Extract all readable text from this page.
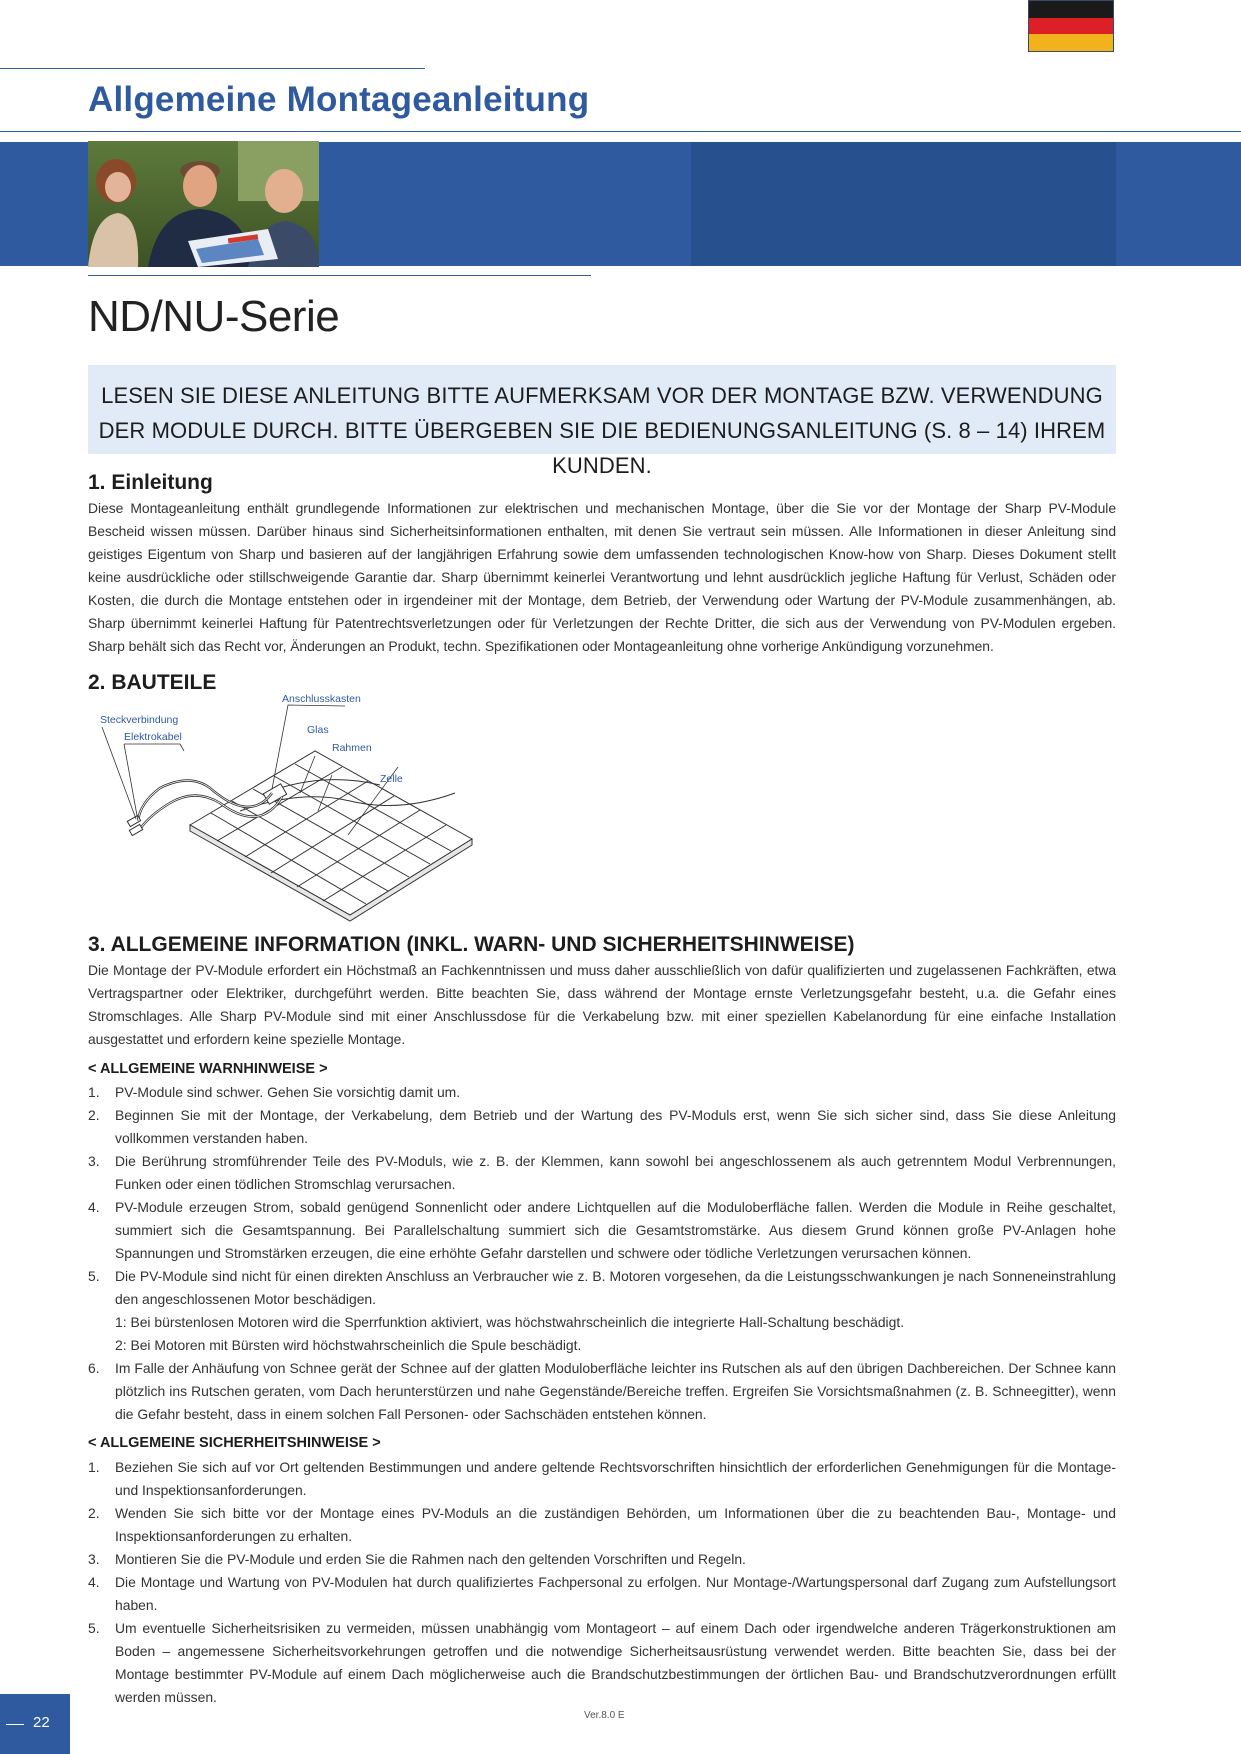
Allgemeine Montageanleitung
ND/NU-Serie
LESEN SIE DIESE ANLEITUNG BITTE AUFMERKSAM VOR DER MONTAGE BZW. VERWENDUNG
DER MODULE DURCH. BITTE ÜBERGEBEN SIE DIE BEDIENUNGSANLEITUNG (S. 8 – 14) IHREM KUNDEN.
1. Einleitung
Diese Montageanleitung enthält grundlegende Informationen zur elektrischen und mechanischen Montage, über die Sie vor der Montage der Sharp PV-Module Bescheid wissen müssen. Darüber hinaus sind Sicherheitsinformationen enthalten, mit denen Sie vertraut sein müssen. Alle Informationen in dieser Anleitung sind geistiges Eigentum von Sharp und basieren auf der langjährigen Erfahrung sowie dem umfassenden technologischen Know-how von Sharp. Dieses Dokument stellt keine ausdrückliche oder stillschweigende Garantie dar. Sharp übernimmt keinerlei Verantwortung und lehnt ausdrücklich jegliche Haftung für Verlust, Schäden oder Kosten, die durch die Montage entstehen oder in irgendeiner mit der Montage, dem Betrieb, der Verwendung oder Wartung der PV-Module zusammenhängen, ab. Sharp übernimmt keinerlei Haftung für Patentrechtsverletzungen oder für Verletzungen der Rechte Dritter, die sich aus der Verwendung von PV-Modulen ergeben. Sharp behält sich das Recht vor, Änderungen an Produkt, techn. Spezifikationen oder Montageanleitung ohne vorherige Ankündigung vorzunehmen.
2. BAUTEILE
Steckverbindung
Elektrokabel
Anschlusskasten
Glas
Rahmen
Zelle
3. ALLGEMEINE INFORMATION (INKL. WARN- UND SICHERHEITSHINWEISE)
Die Montage der PV-Module erfordert ein Höchstmaß an Fachkenntnissen und muss daher ausschließlich von dafür qualifizierten und zugelassenen Fachkräften, etwa Vertragspartner oder Elektriker, durchgeführt werden. Bitte beachten Sie, dass während der Montage ernste Verletzungsgefahr besteht, u.a. die Gefahr eines Stromschlages. Alle Sharp PV-Module sind mit einer Anschlussdose für die Verkabelung bzw. mit einer speziellen Kabelanordung für eine einfache Installation ausgestattet und erfordern keine spezielle Montage.
< ALLGEMEINE WARNHINWEISE >
1. PV-Module sind schwer. Gehen Sie vorsichtig damit um.
2. Beginnen Sie mit der Montage, der Verkabelung, dem Betrieb und der Wartung des PV-Moduls erst, wenn Sie sich sicher sind, dass Sie diese Anleitung vollkommen verstanden haben.
3. Die Berührung stromführender Teile des PV-Moduls, wie z. B. der Klemmen, kann sowohl bei angeschlossenem als auch getrenntem Modul Verbrennungen, Funken oder einen tödlichen Stromschlag verursachen.
4. PV-Module erzeugen Strom, sobald genügend Sonnenlicht oder andere Lichtquellen auf die Moduloberfläche fallen. Werden die Module in Reihe geschaltet, summiert sich die Gesamtspannung. Bei Parallelschaltung summiert sich die Gesamtstromstärke. Aus diesem Grund können große PV-Anlagen hohe Spannungen und Stromstärken erzeugen, die eine erhöhte Gefahr darstellen und schwere oder tödliche Verletzungen verursachen können.
5. Die PV-Module sind nicht für einen direkten Anschluss an Verbraucher wie z. B. Motoren vorgesehen, da die Leistungsschwankungen je nach Sonneneinstrahlung den angeschlossenen Motor beschädigen.
1: Bei bürstenlosen Motoren wird die Sperrfunktion aktiviert, was höchstwahrscheinlich die integrierte Hall-Schaltung beschädigt.
2: Bei Motoren mit Bürsten wird höchstwahrscheinlich die Spule beschädigt.
6. Im Falle der Anhäufung von Schnee gerät der Schnee auf der glatten Moduloberfläche leichter ins Rutschen als auf den übrigen Dachbereichen. Der Schnee kann plötzlich ins Rutschen geraten, vom Dach herunterstürzen und nahe Gegenstände/Bereiche treffen. Ergreifen Sie Vorsichtsmaßnahmen (z. B. Schneegitter), wenn die Gefahr besteht, dass in einem solchen Fall Personen- oder Sachschäden entstehen können.
< ALLGEMEINE SICHERHEITSHINWEISE >
1. Beziehen Sie sich auf vor Ort geltenden Bestimmungen und andere geltende Rechtsvorschriften hinsichtlich der erforderlichen Genehmigungen für die Montage- und Inspektionsanforderungen.
2. Wenden Sie sich bitte vor der Montage eines PV-Moduls an die zuständigen Behörden, um Informationen über die zu beachtenden Bau-, Montage- und Inspektionsanforderungen zu erhalten.
3. Montieren Sie die PV-Module und erden Sie die Rahmen nach den geltenden Vorschriften und Regeln.
4. Die Montage und Wartung von PV-Modulen hat durch qualifiziertes Fachpersonal zu erfolgen. Nur Montage-/Wartungspersonal darf Zugang zum Aufstellungsort haben.
5. Um eventuelle Sicherheitsrisiken zu vermeiden, müssen unabhängig vom Montageort – auf einem Dach oder irgendwelche anderen Trägerkonstruktionen am Boden – angemessene Sicherheitsvorkehrungen getroffen und die notwendige Sicherheitsausrüstung verwendet werden. Bitte beachten Sie, dass bei der Montage bestimmter PV-Module auf einem Dach möglicherweise auch die Brandschutzbestimmungen der örtlichen Bau- und Brandschutzverordnungen erfüllt werden müssen.
22	Ver.8.0 E
